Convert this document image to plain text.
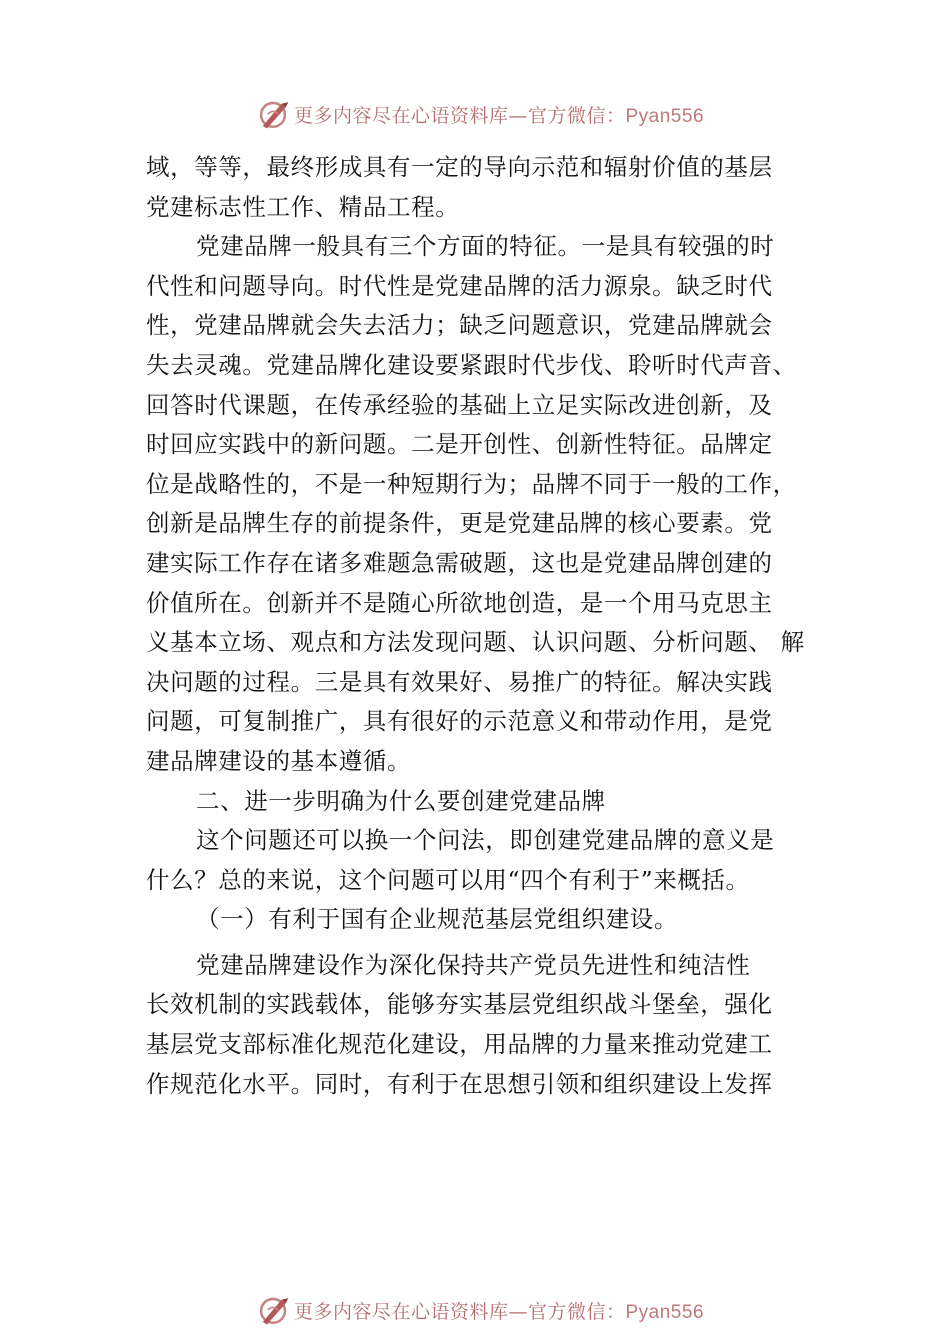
更多内容尽在心语资料库—官方微信：Pyan556
域，等等，最终形成具有一定的导向示范和辐射价值的基层
党建标志性工作、精品工程。
党建品牌一般具有三个方面的特征。一是具有较强的时
代性和问题导向。时代性是党建品牌的活力源泉。缺乏时代
性，党建品牌就会失去活力；缺乏问题意识，党建品牌就会
失去灵魂。党建品牌化建设要紧跟时代步伐、聆听时代声音、
回答时代课题，在传承经验的基础上立足实际改进创新，及
时回应实践中的新问题。二是开创性、创新性特征。品牌定
位是战略性的，不是一种短期行为；品牌不同于一般的工作，
创新是品牌生存的前提条件，更是党建品牌的核心要素。党
建实际工作存在诸多难题急需破题，这也是党建品牌创建的
价值所在。创新并不是随心所欲地创造，是一个用马克思主
义基本立场、观点和方法发现问题、认识问题、分析问题、 解
决问题的过程。三是具有效果好、易推广的特征。解决实践
问题，可复制推广，具有很好的示范意义和带动作用，是党
建品牌建设的基本遵循。
二、进一步明确为什么要创建党建品牌
这个问题还可以换一个问法，即创建党建品牌的意义是
什么？总的来说，这个问题可以用“四个有利于”来概括。
（一）有利于国有企业规范基层党组织建设。
党建品牌建设作为深化保持共产党员先进性和纯洁性
长效机制的实践载体，能够夯实基层党组织战斗堡垒，强化
基层党支部标准化规范化建设，用品牌的力量来推动党建工
作规范化水平。同时，有利于在思想引领和组织建设上发挥
更多内容尽在心语资料库—官方微信：Pyan556
